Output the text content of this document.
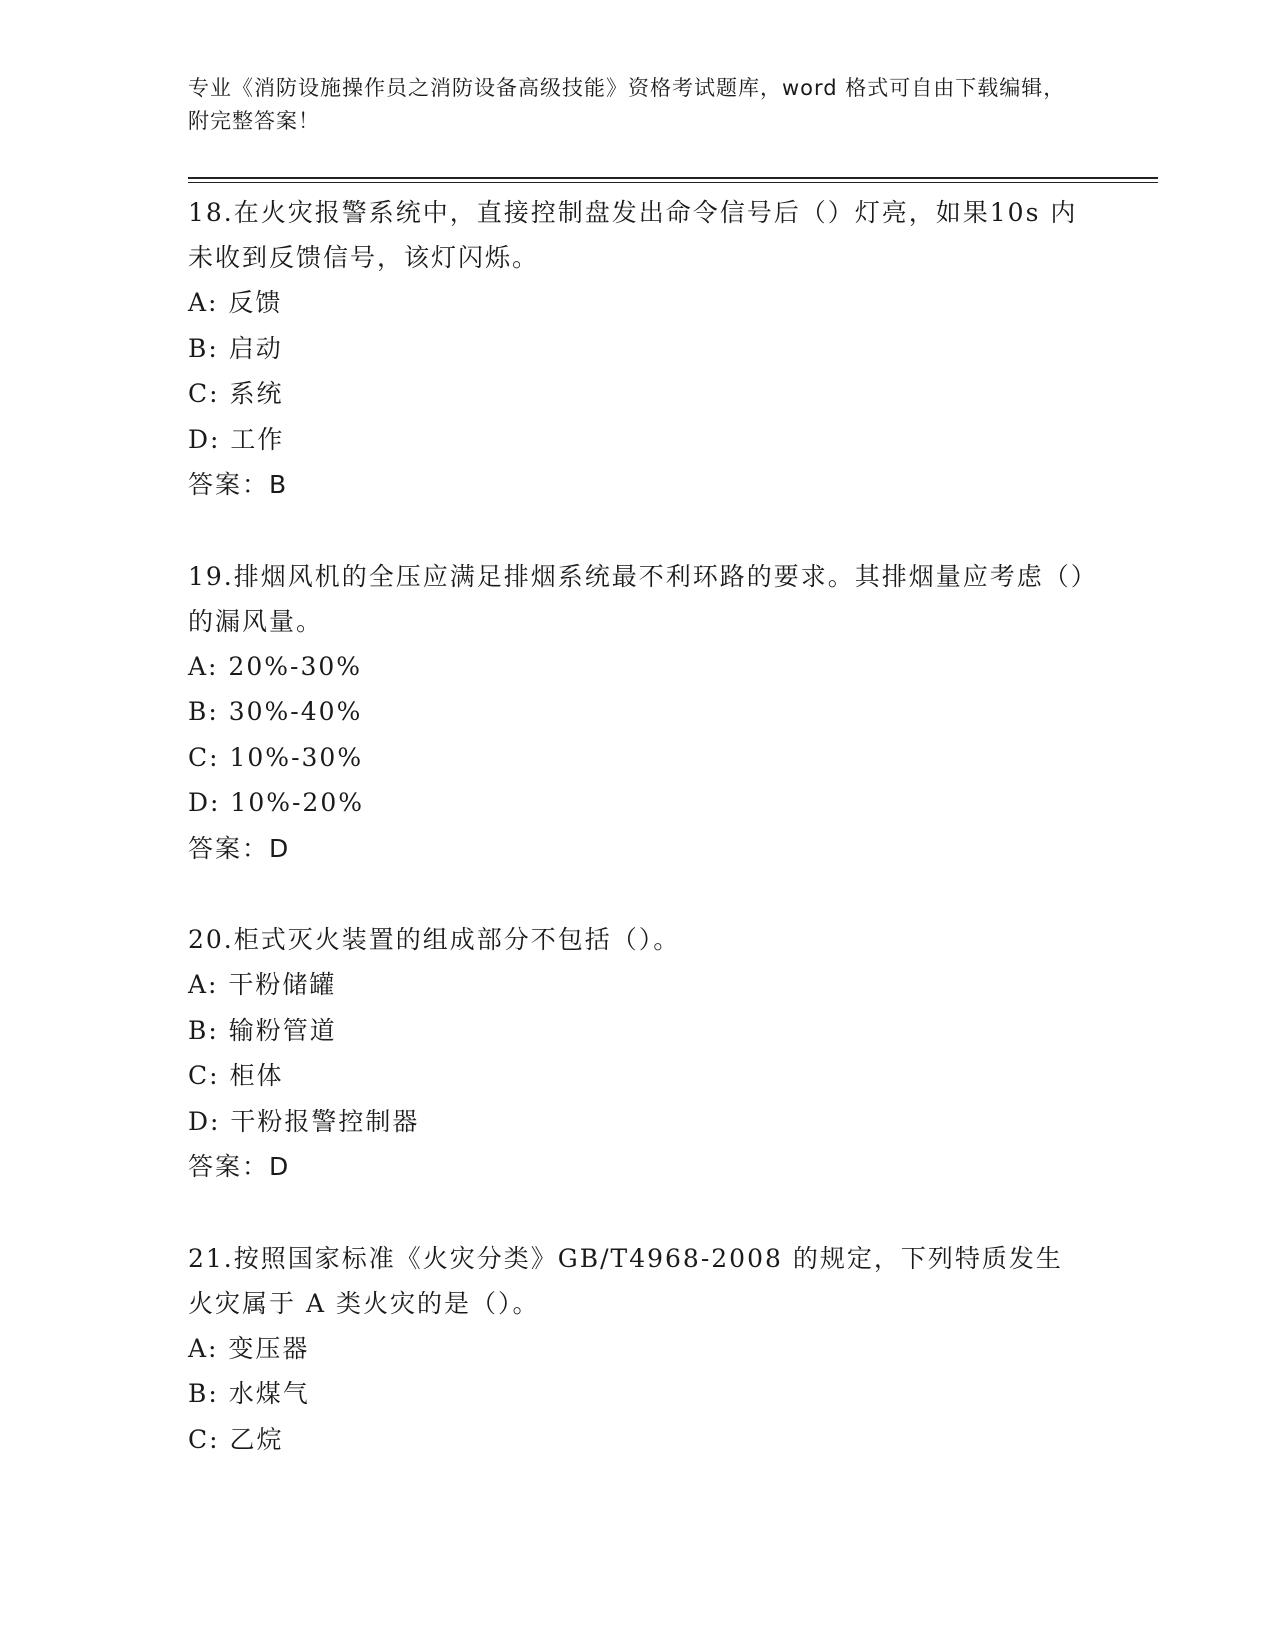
专业《消防设施操作员之消防设备高级技能》资格考试题库，word 格式可自由下载编辑，附完整答案！

18.在火灾报警系统中，直接控制盘发出命令信号后（）灯亮，如果10s 内未收到反馈信号，该灯闪烁。

A: 反馈

B: 启动

C: 系统

D: 工作

答案：B

19.排烟风机的全压应满足排烟系统最不利环路的要求。其排烟量应考虑（）的漏风量。

A: 20%-30%

B: 30%-40%

C: 10%-30%

D: 10%-20%

答案：D

20.柜式灭火装置的组成部分不包括（）。

A: 干粉储罐

B: 输粉管道

C: 柜体

D: 干粉报警控制器

答案：D

21.按照国家标准《火灾分类》GB/T4968-2008 的规定，下列特质发生火灾属于 A 类火灾的是（）。

A: 变压器

B: 水煤气

C: 乙烷
